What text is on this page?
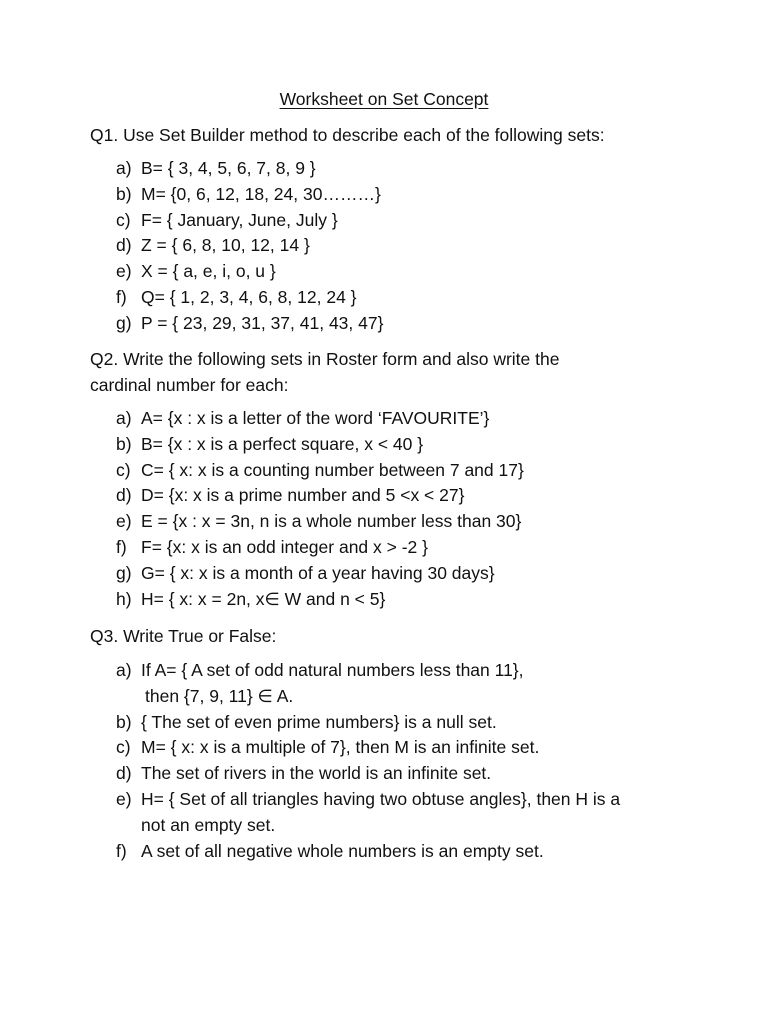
Worksheet on Set Concept
Q1. Use Set Builder method to describe each of the following sets:
a) B= { 3, 4, 5, 6, 7, 8, 9 }
b) M= {0, 6, 12, 18, 24, 30………}
c) F= { January, June, July }
d) Z = { 6, 8, 10, 12, 14 }
e) X = { a, e, i, o, u }
f) Q= { 1, 2, 3, 4, 6, 8, 12, 24 }
g) P = { 23, 29, 31, 37, 41, 43, 47}
Q2. Write the following sets in Roster form and also write the
cardinal number for each:
a) A= {x : x is a letter of the word ‘FAVOURITE’}
b) B= {x : x is a perfect square, x < 40 }
c) C= { x: x is a counting number between 7 and 17}
d) D= {x: x is a prime number and 5 <x < 27}
e) E = {x : x = 3n, n is a whole number less than 30}
f) F= {x: x is an odd integer and x > -2 }
g) G= { x: x is a month of a year having 30 days}
h) H= { x: x = 2n, x∈ W and n < 5}
Q3. Write True or False:
a) If A= { A set of odd natural numbers less than 11},
then {7, 9, 11} ∈ A.
b) { The set of even prime numbers} is a null set.
c) M= { x: x is a multiple of 7}, then M is an infinite set.
d) The set of rivers in the world is an infinite set.
e) H= { Set of all triangles having two obtuse angles}, then H is a
not an empty set.
f) A set of all negative whole numbers is an empty set.
